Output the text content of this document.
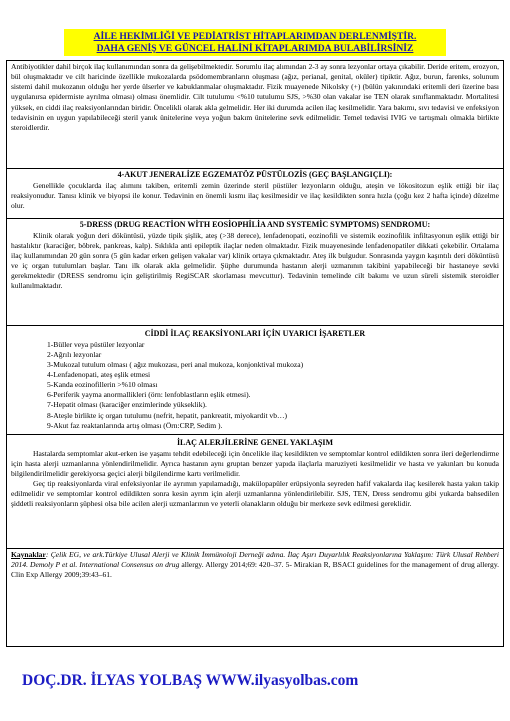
AİLE HEKİMLİĞİ VE PEDİATRİST HİTAPLARIMDAN DERLENMİŞTİR.
DAHA GENİŞ VE GÜNCEL HALİNİ KİTAPLARIMDA BULABİLİRSİNİZ

Antibiyotikler dahil birçok ilaç kullanımından sonra da gelişebilmektedir. Sorumlu ilaç alımından 2-3 ay sonra lezyonlar ortaya çıkabilir. Deride eritem, erozyon, bül oluşmaktadır ve cilt haricinde özellikle mukozalarda psödomembranların oluşması (ağız, perianal, genital, oküler) tipiktir. Ağız, burun, farenks, solunum sistemi dahil mukozanın olduğu her yerde ülserler ve kabuklanmalar oluşmaktadır. Fizik muayenede Nikolsky (+) (bülün yakınındaki eritemli deri üzerine bası uygulanırsa epidermiste ayrılma olması) olması önemlidir. Cilt tutulumu <%10 tutulumu SJS, >%30 olan vakalar ise TEN olarak sınıflanmaktadır. Mortalitesi yüksek, en ciddi ilaç reaksiyonlarından biridir. Öncelikli olarak akla gelmelidir. Her iki durumda acilen ilaç kesilmelidir. Yara bakımı, sıvı tedavisi ve enfeksiyon tedavisinin en uygun yapılabileceği steril yanık ünitelerine veya yoğun bakım ünitelerine sevk edilmelidir. Temel tedavisi IVIG ve tartışmalı olmakla birlikte steroidlerdir.

4-AKUT JENERALİZE EGZEMATÖZ PÜSTÜLOZİS (GEÇ BAŞLANGIÇLI):

Genellikle çocuklarda ilaç alımını takiben, eritemli zemin üzerinde steril püstüler lezyonların olduğu, ateşin ve lökositozun eşlik ettiği bir ilaç reaksiyonudur. Tanısı klinik ve biyopsi ile konur. Tedavinin en önemli kısmı ilaç kesilmesidir ve ilaç kesildikten sonra hızla (çoğu kez 2 hafta içinde) düzelme olur.

5-DRESS (DRUG REACTİON WİTH EOSİOPHİLİA AND SYSTEMİC SYMPTOMS) SENDROMU:

Klinik olarak yoğun deri döküntüsü, yüzde tipik şişlik, ateş (>38 derece), lenfadenopati, eozinofili ve sistemik eozinofilik infiltasyonun eşlik ettiği bir hastalıktır (karaciğer, böbrek, pankreas, kalp). Sıklıkla anti epileptik ilaçlar neden olmaktadır. Fizik muayenesinde lenfadenopatiler dikkati çekebilir. Ortalama ilaç kullanımından 20 gün sonra (5 gün kadar erken gelişen vakalar var) klinik ortaya çıkmaktadır. Ateş ilk bulgudur. Sonrasında yaygın kaşıntılı deri döküntüsü ve iç organ tutulumları başlar. Tanı ilk olarak akla gelmelidir. Şüphe durumunda hastanın alerji uzmanının takibini yapabileceği bir hastaneye sevki gerekmektedir (DRESS sendromu için geliştirilmiş RegiSCAR skorlaması mevcuttur). Tedavinin temelinde cilt bakımı ve uzun süreli sistemik steroidler kullanılmaktadır.

CİDDİ İLAÇ REAKSİYONLARI İÇİN UYARICI İŞARETLER

1-Büller veya püstüler lezyonlar
2-Ağrılı lezyonlar
3-Mukozal tutulum olması ( ağız mukozası, peri anal mukoza, konjonktival mukoza)
4-Lenfadenopati, ateş eşlik etmesi
5-Kanda eozinofillerin >%10 olması
6-Periferik yayma anormallikleri (örn: lenfoblastların eşlik etmesi).
7-Hepatit olması (karaciğer enzimlerinde yükseklik).
8-Ateşle birlikte iç organ tutulumu (nefrit, hepatit, pankreatit, miyokardit vb…)
9-Akut faz reaktanlarında artış olması (Örn:CRP, Sedim ).

İLAÇ ALERJİLERİNE GENEL YAKLAŞIM

Hastalarda semptomlar akut-erken ise yaşamı tehdit edebileceği için öncelikle ilaç kesildikten ve semptomlar kontrol edildikten sonra ileri değerlendirme için hasta alerji uzmanlarına yönlendirilmelidir. Ayrıca hastanın aynı gruptan benzer yapıda ilaçlarla maruziyeti kesilmelidir ve hasta ve yakınları bu konuda bilgilendirilmelidir gerekiyorsa geçici alerji bilgilendirme kartı verilmelidir.

Geç tip reaksiyonlarda viral enfeksiyonlar ile ayrımın yapılamadığı, makülopapüler erüpsiyonla seyreden hafif vakalarda ilaç kesilerek hasta yakın takip edilmelidir ve semptomlar kontrol edildikten sonra kesin ayrım için alerji uzmanlarına yönlendirilebilir. SJS, TEN, Dress sendromu gibi yukarda bahsedilen şiddetli reaksiyonların şüphesi olsa bile acilen alerji uzmanlarının ve yeterli olanakların olduğu bir merkeze sevk edilmesi gereklidir.

Kaynaklar: Çelik EG, ve ark.Türkiye Ulusal Alerji ve Klinik İmmünoloji Derneği adına. İlaç Aşırı Duyarlılık Reaksiyonlarına Yaklaşım: Türk Ulusal Rehberi 2014. Demoly P et al. International Consensus on drug allergy. Allergy 2014;69: 420–37. 5- Mirakian R, BSACI guidelines for the management of drug allergy. Clin Exp Allergy 2009;39:43–61.

DOÇ.DR. İLYAS YOLBAŞ WWW.ilyasyolbas.com
